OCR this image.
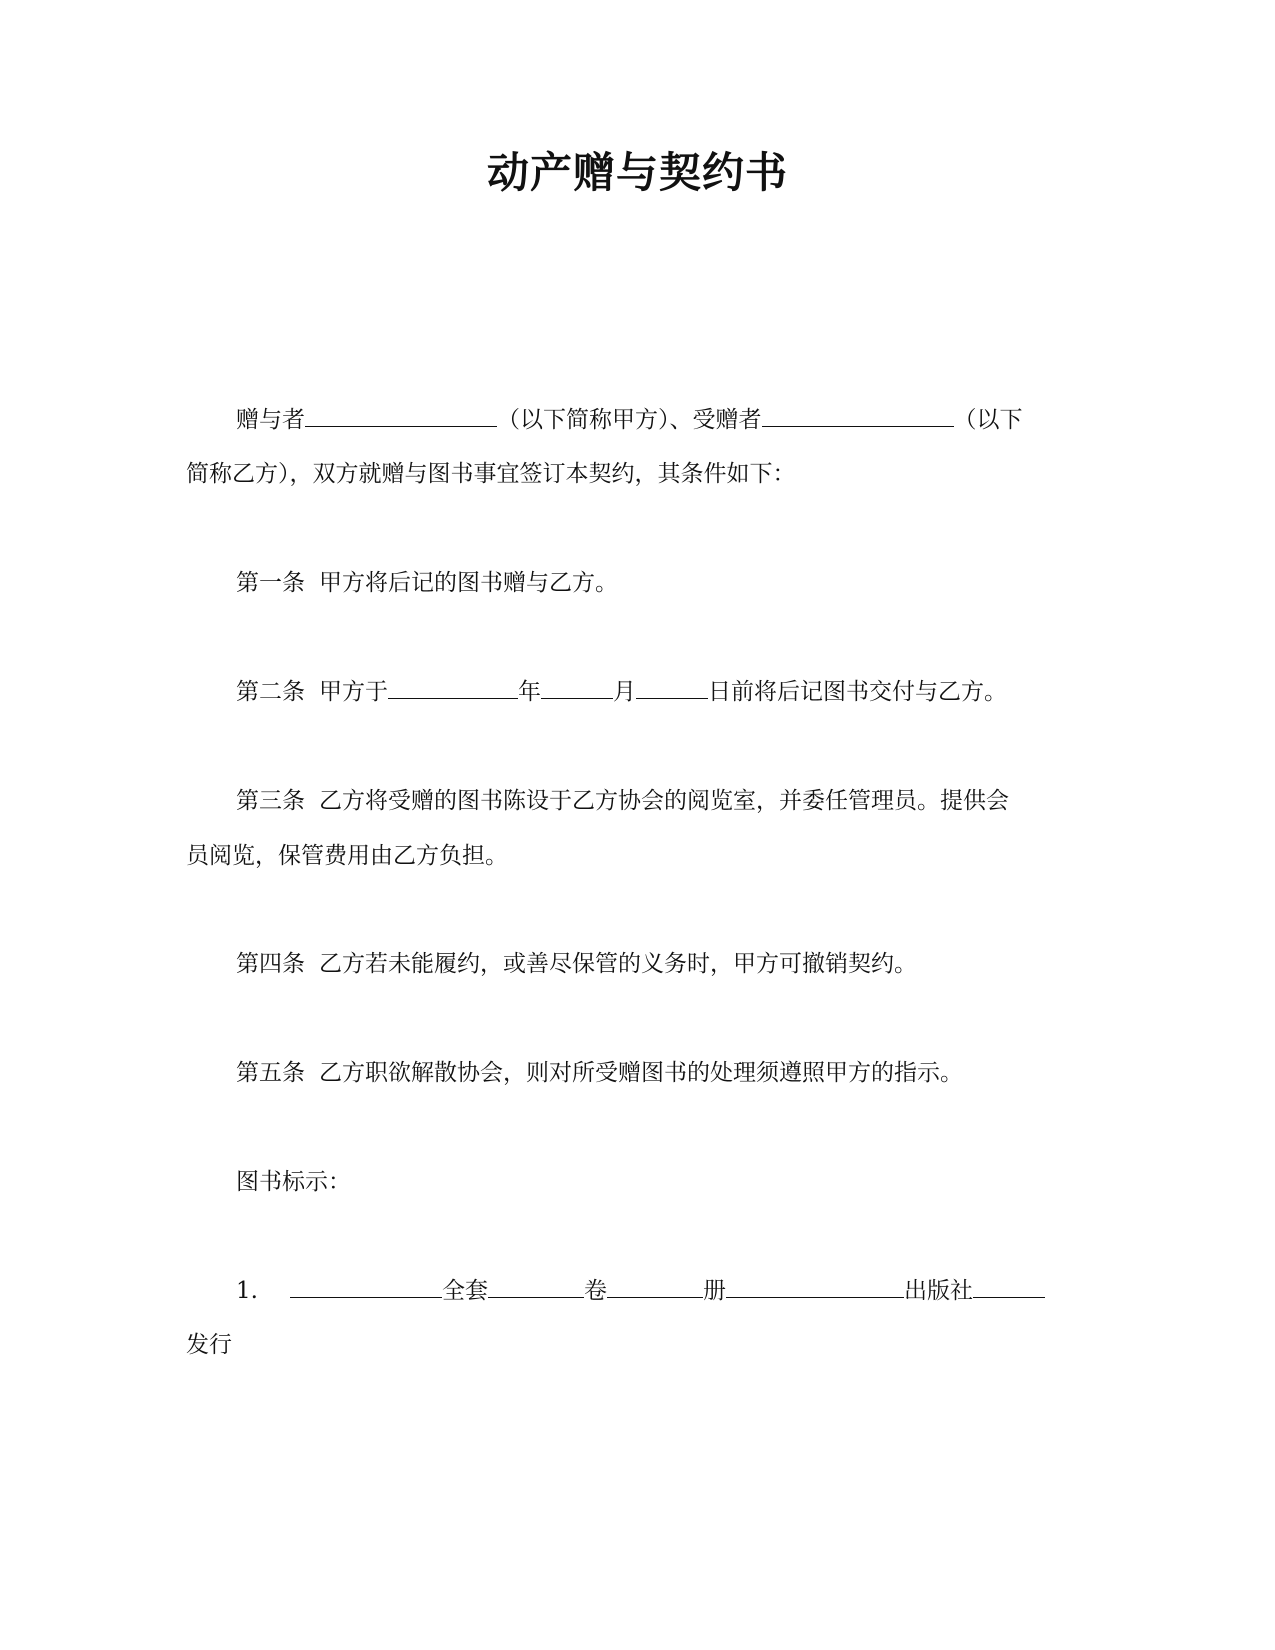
动产赠与契约书
赠与者	（以下简称甲方）、受赠者	（以下
简称乙方），双方就赠与图书事宜签订本契约，其条件如下：
第一条 甲方将后记的图书赠与乙方。
第二条 甲方于	年	月	日前将后记图书交付与乙方。
第三条 乙方将受赠的图书陈设于乙方协会的阅览室，并委任管理员。提供会
员阅览，保管费用由乙方负担。
第四条 乙方若未能履约，或善尽保管的义务时，甲方可撤销契约。
第五条 乙方职欲解散协会，则对所受赠图书的处理须遵照甲方的指示。
图书标示：
1.	全套	卷	册	出版社
发行
